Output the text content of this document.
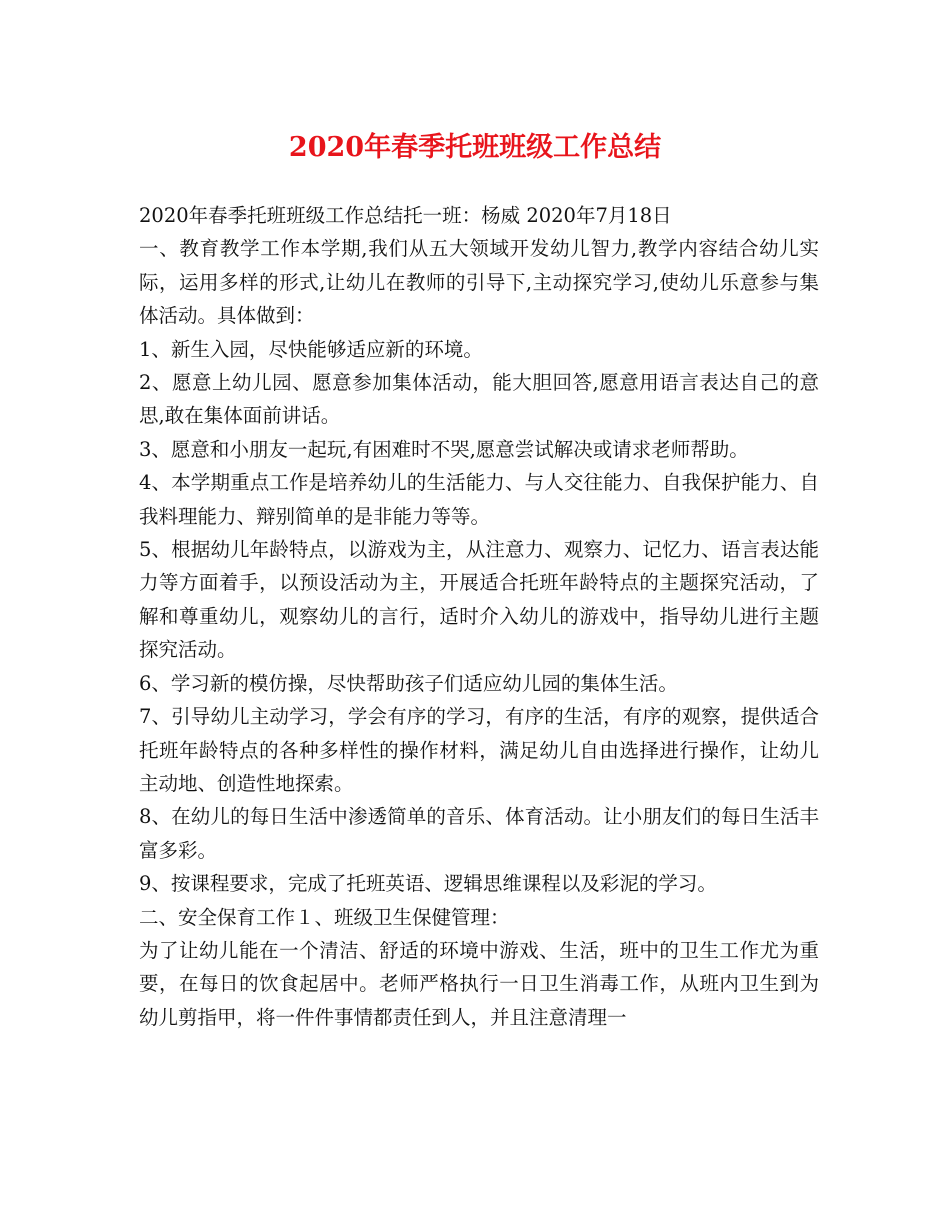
2020年春季托班班级工作总结

2020年春季托班班级工作总结托一班：杨威 2020年7月18日

一、教育教学工作本学期,我们从五大领域开发幼儿智力,教学内容结合幼儿实际，运用多样的形式,让幼儿在教师的引导下,主动探究学习,使幼儿乐意参与集体活动。具体做到：

1、新生入园，尽快能够适应新的环境。

2、愿意上幼儿园、愿意参加集体活动，能大胆回答,愿意用语言表达自己的意思,敢在集体面前讲话。

3、愿意和小朋友一起玩,有困难时不哭,愿意尝试解决或请求老师帮助。

4、本学期重点工作是培养幼儿的生活能力、与人交往能力、自我保护能力、自我料理能力、辩别简单的是非能力等等。

5、根据幼儿年龄特点，以游戏为主，从注意力、观察力、记忆力、语言表达能力等方面着手，以预设活动为主，开展适合托班年龄特点的主题探究活动，了解和尊重幼儿，观察幼儿的言行，适时介入幼儿的游戏中，指导幼儿进行主题探究活动。

6、学习新的模仿操，尽快帮助孩子们适应幼儿园的集体生活。

7、引导幼儿主动学习，学会有序的学习，有序的生活，有序的观察，提供适合托班年龄特点的各种多样性的操作材料，满足幼儿自由选择进行操作，让幼儿主动地、创造性地探索。

8、在幼儿的每日生活中渗透简单的音乐、体育活动。让小朋友们的每日生活丰富多彩。

9、按课程要求，完成了托班英语、逻辑思维课程以及彩泥的学习。

二、安全保育工作１、班级卫生保健管理：

为了让幼儿能在一个清洁、舒适的环境中游戏、生活，班中的卫生工作尤为重要，在每日的饮食起居中。老师严格执行一日卫生消毒工作，从班内卫生到为幼儿剪指甲，将一件件事情都责任到人，并且注意清理一
